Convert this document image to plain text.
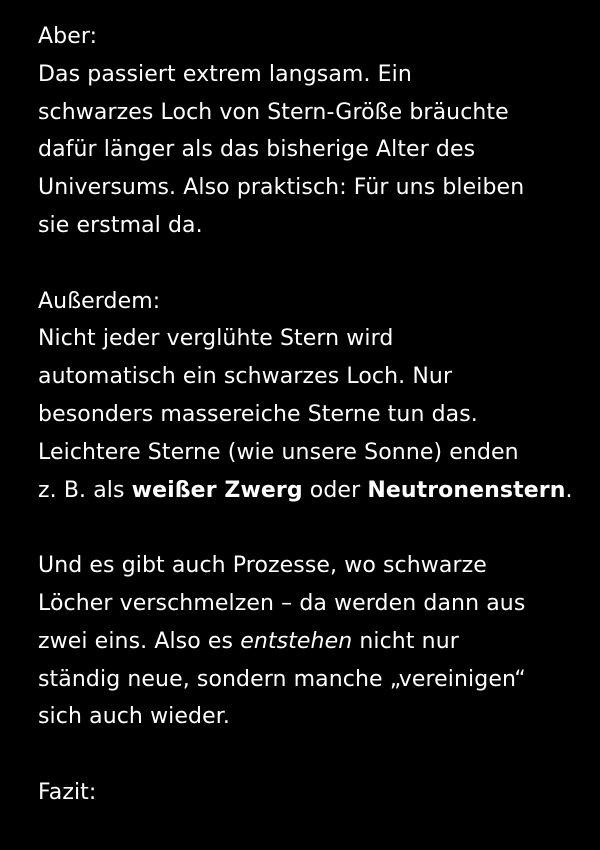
Aber:
Das passiert extrem langsam. Ein
schwarzes Loch von Stern-Größe bräuchte
dafür länger als das bisherige Alter des
Universums. Also praktisch: Für uns bleiben
sie erstmal da.
Außerdem:
Nicht jeder verglühte Stern wird
automatisch ein schwarzes Loch. Nur
besonders massereiche Sterne tun das.
Leichtere Sterne (wie unsere Sonne) enden
z. B. als weißer Zwerg oder Neutronenstern.
Und es gibt auch Prozesse, wo schwarze
Löcher verschmelzen – da werden dann aus
zwei eins. Also es entstehen nicht nur
ständig neue, sondern manche „vereinigen“
sich auch wieder.
Fazit:
